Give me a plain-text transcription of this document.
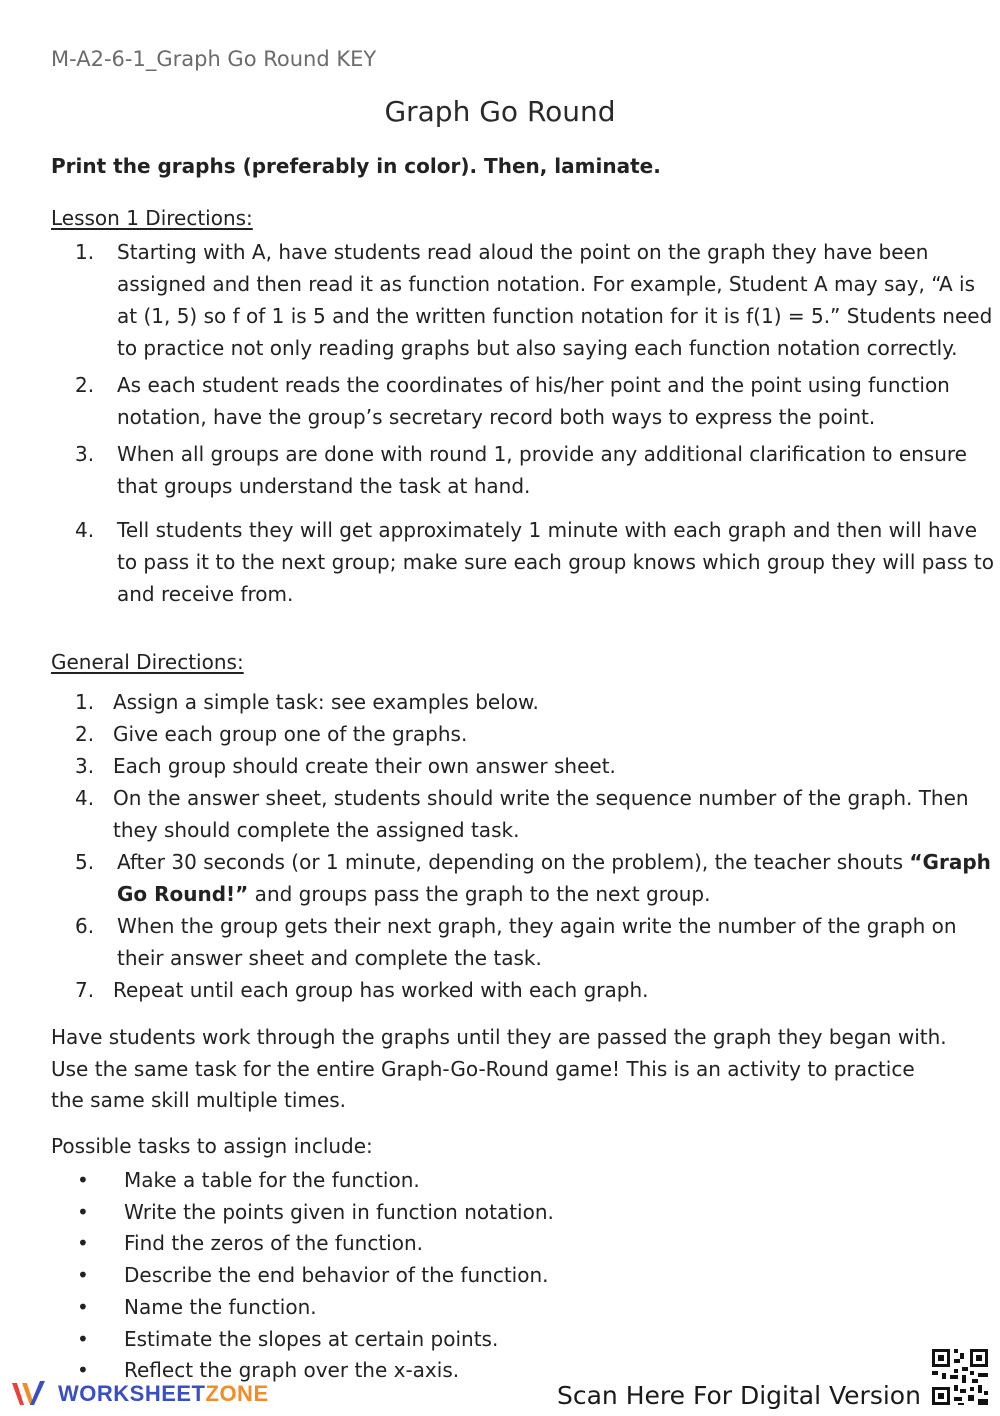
M-A2-6-1_Graph Go Round KEY
Graph Go Round
Print the graphs (preferably in color). Then, laminate.
Lesson 1 Directions:
1.	Starting with A, have students read aloud the point on the graph they have been assigned and then read it as function notation. For example, Student A may say, “A is at (1, 5) so f of 1 is 5 and the written function notation for it is f(1) = 5.” Students need to practice not only reading graphs but also saying each function notation correctly.
2.	As each student reads the coordinates of his/her point and the point using function notation, have the group’s secretary record both ways to express the point.
3.	When all groups are done with round 1, provide any additional clarification to ensure that groups understand the task at hand.
4.	Tell students they will get approximately 1 minute with each graph and then will have to pass it to the next group; make sure each group knows which group they will pass to and receive from.
General Directions:
1. Assign a simple task: see examples below.
2. Give each group one of the graphs.
3. Each group should create their own answer sheet.
4. On the answer sheet, students should write the sequence number of the graph. Then they should complete the assigned task.
5.	After 30 seconds (or 1 minute, depending on the problem), the teacher shouts “Graph Go Round!” and groups pass the graph to the next group.
6.	When the group gets their next graph, they again write the number of the graph on their answer sheet and complete the task.
7. Repeat until each group has worked with each graph.

Have students work through the graphs until they are passed the graph they began with. Use the same task for the entire Graph-Go-Round game! This is an activity to practice the same skill multiple times.

Possible tasks to assign include:
•	Make a table for the function.
•	Write the points given in function notation.
•	Find the zeros of the function.
•	Describe the end behavior of the function.
•	Name the function.
•	Estimate the slopes at certain points.
•	Reflect the graph over the x-axis.
WORKSHEETZONE	Scan Here For Digital Version
